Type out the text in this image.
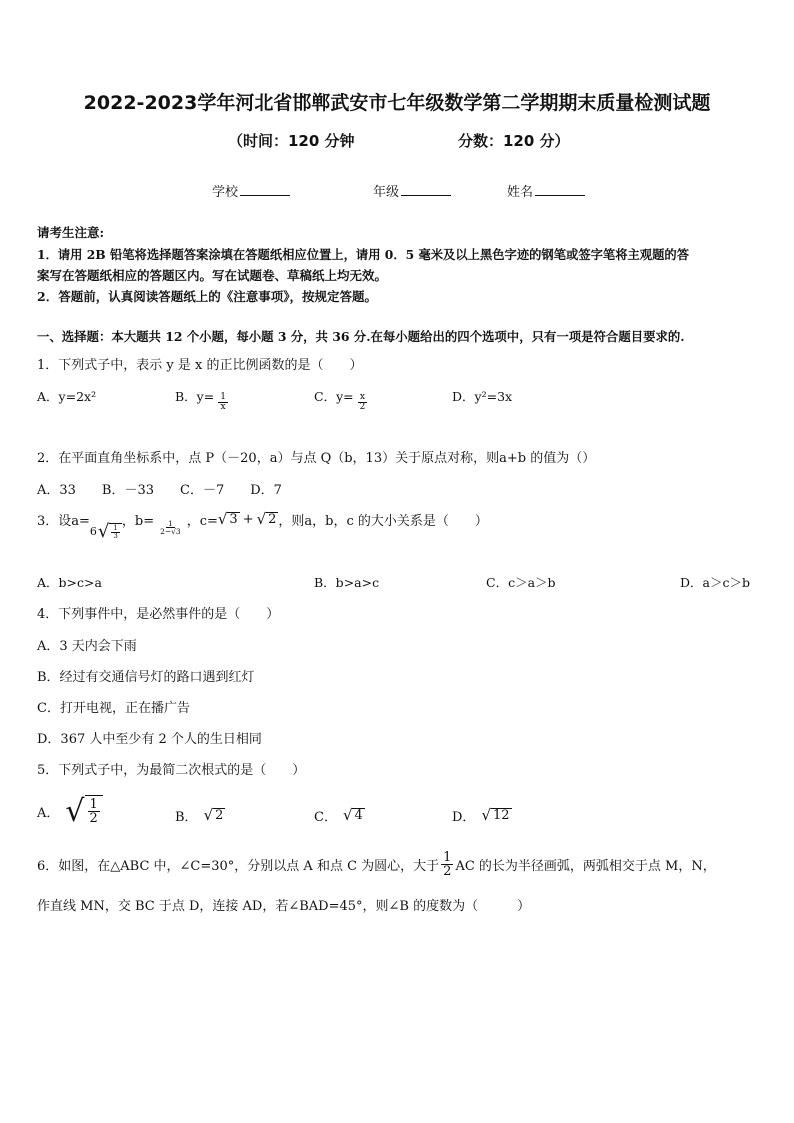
2022-2023学年河北省邯郸武安市七年级数学第二学期期末质量检测试题
（时间：120 分钟	分数：120 分）
学校	年级	姓名
请考生注意:
1．请用 2B 铅笔将选择题答案涂填在答题纸相应位置上，请用 0．5 毫米及以上黑色字迹的钢笔或签字笔将主观题的答
案写在答题纸相应的答题区内。写在试题卷、草稿纸上均无效。
2．答题前，认真阅读答题纸上的《注意事项》，按规定答题。
一、选择题：本大题共 12 个小题，每小题 3 分，共 36 分.在每小题给出的四个选项中，只有一项是符合题目要求的.
1．下列式子中，表示 y 是 x 的正比例函数的是（　　）
A．y=2x²	B．$y= \frac{1}{x}$	C．$y= \frac{x}{2}$	D．y²=3x
2．在平面直角坐标系中，点 P（－20，a）与点 Q（b，13）关于原点对称，则a+b 的值为（）
A．33　　B．－33　　C．－7　　D．7
3．设a=
6 √ $\frac{1}{3}$
，$b= \frac{1}{2-√3}$ ，c= √ 3 + √ 2 ，则a，b，c 的大小关系是（　　）
A．b>c>a	B．b>a>c	C．c＞a＞b	D．a＞c＞b
4．下列事件中，是必然事件的是（　　）
A．3 天内会下雨
B．经过有交通信号灯的路口遇到红灯
C．打开电视，正在播广告
D．367 人中至少有 2 个人的生日相同
5．下列式子中，为最简二次根式的是（　　）
A． √ $\frac{1}{2}$	B． √ 2	C． √ 4	D． √ 12
6．如图，在△ABC 中，∠C=30°，分别以点 A 和点 C 为圆心，大于 $\frac{1}{2}$ AC 的长为半径画弧，两弧相交于点 M，N，
作直线 MN，交 BC 于点 D，连接 AD，若∠BAD=45°，则∠B 的度数为（　　　）
